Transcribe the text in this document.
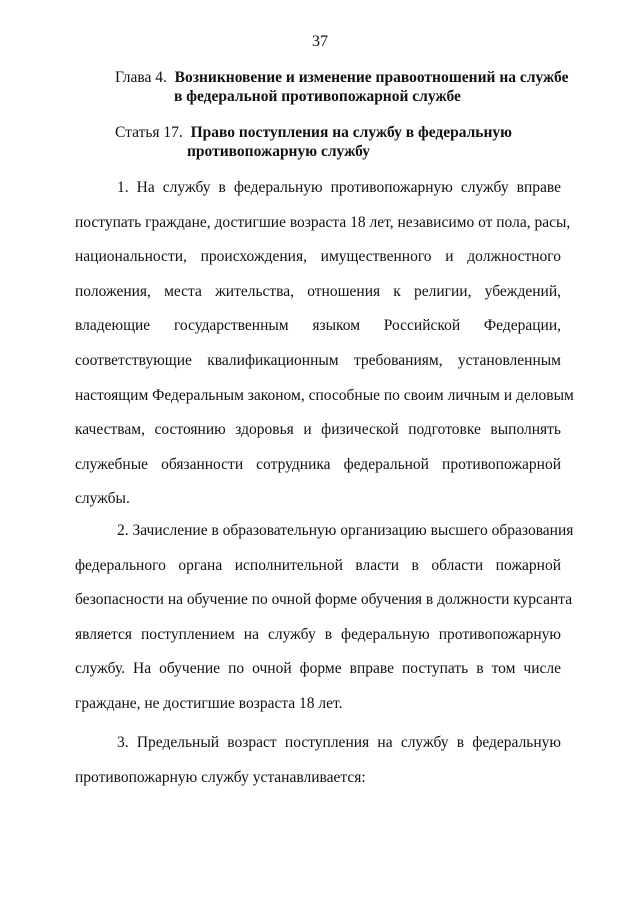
37
Глава 4. Возникновение и изменение правоотношений на службе
в федеральной противопожарной службе
Статья 17. Право поступления на службу в федеральную
противопожарную службу
1. На службу в федеральную противопожарную службу вправе
поступать граждане, достигшие возраста 18 лет, независимо от пола, расы,
национальности, происхождения, имущественного и должностного
положения, места жительства, отношения к религии, убеждений,
владеющие государственным языком Российской Федерации,
соответствующие квалификационным требованиям, установленным
настоящим Федеральным законом, способные по своим личным и деловым
качествам, состоянию здоровья и физической подготовке выполнять
служебные обязанности сотрудника федеральной противопожарной
службы.
2. Зачисление в образовательную организацию высшего образования
федерального органа исполнительной власти в области пожарной
безопасности на обучение по очной форме обучения в должности курсанта
является поступлением на службу в федеральную противопожарную
службу. На обучение по очной форме вправе поступать в том числе
граждане, не достигшие возраста 18 лет.
3. Предельный возраст поступления на службу в федеральную
противопожарную службу устанавливается:
